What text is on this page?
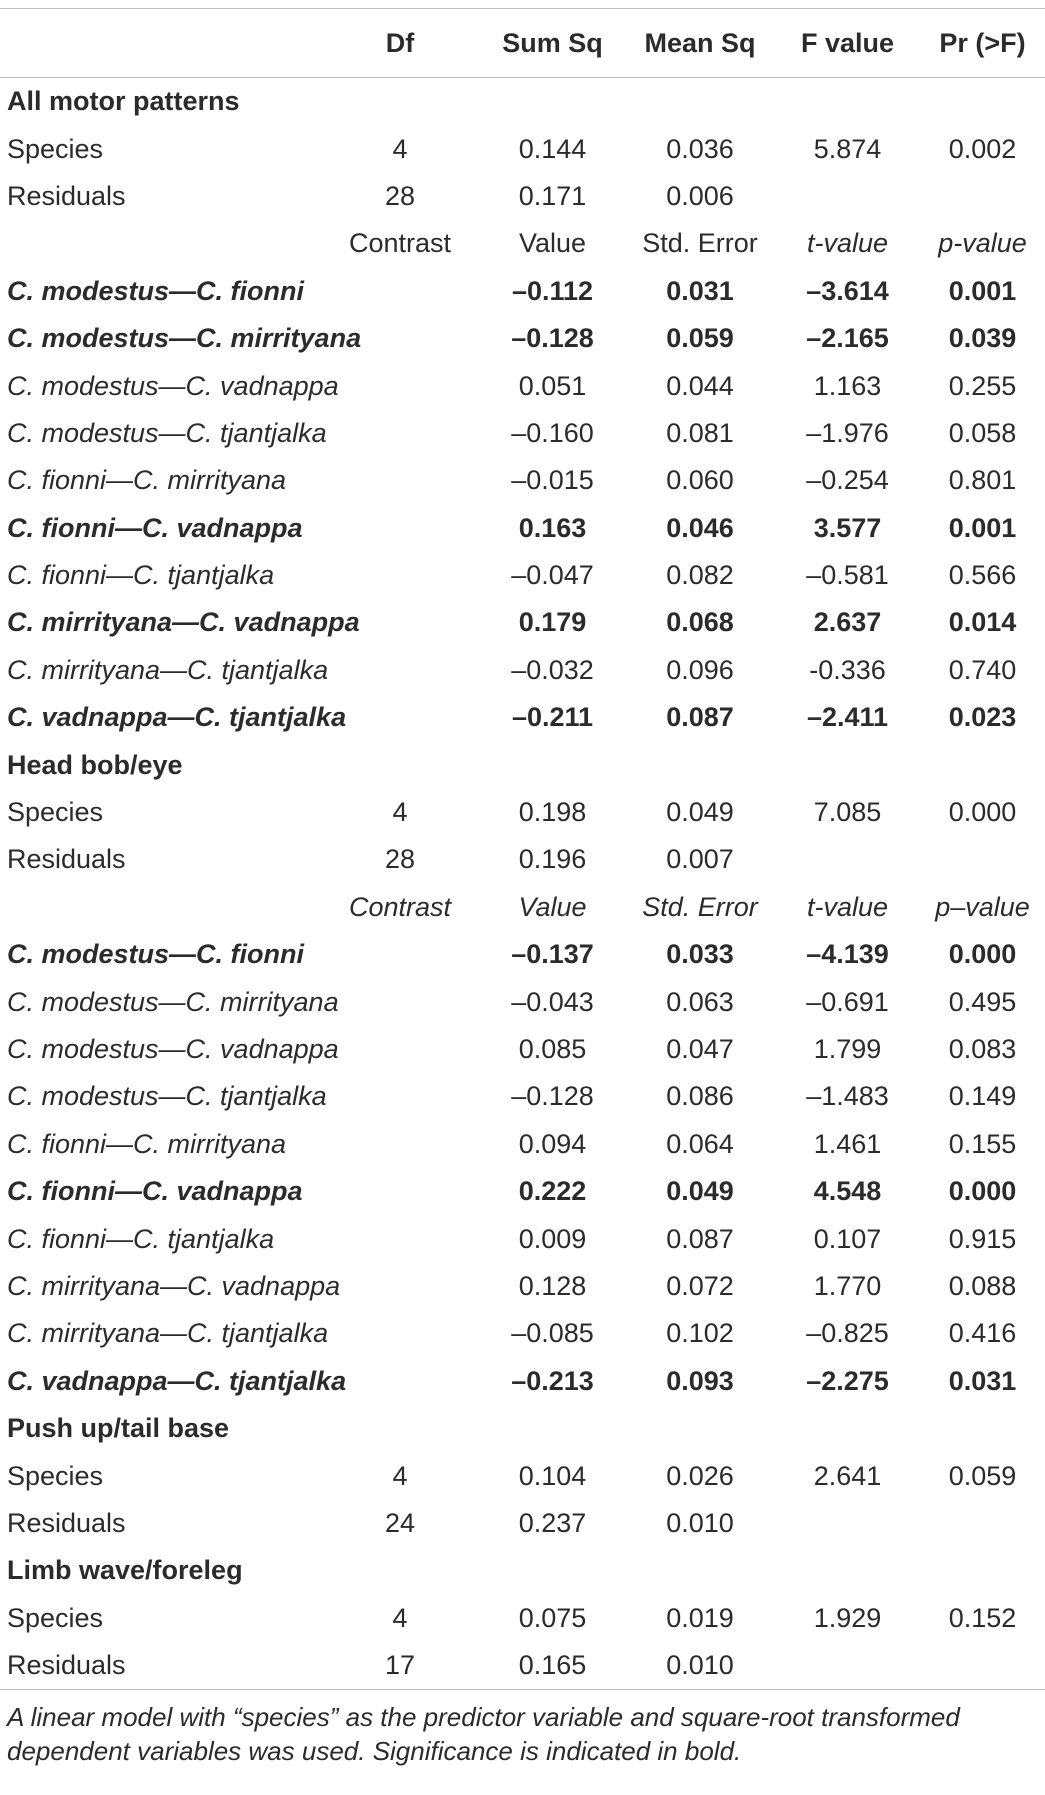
	Df	Sum Sq	Mean Sq	F value	Pr (>F)
All motor patterns					
Species	4	0.144	0.036	5.874	0.002
Residuals	28	0.171	0.006		
	Contrast	Value	Std. Error	t-value	p-value
C. modestus—C. fionni		–0.112	0.031	–3.614	0.001
C. modestus—C. mirrityana		–0.128	0.059	–2.165	0.039
C. modestus—C. vadnappa		0.051	0.044	1.163	0.255
C. modestus—C. tjantjalka		–0.160	0.081	–1.976	0.058
C. fionni—C. mirrityana		–0.015	0.060	–0.254	0.801
C. fionni—C. vadnappa		0.163	0.046	3.577	0.001
C. fionni—C. tjantjalka		–0.047	0.082	–0.581	0.566
C. mirrityana—C. vadnappa		0.179	0.068	2.637	0.014
C. mirrityana—C. tjantjalka		–0.032	0.096	-0.336	0.740
C. vadnappa—C. tjantjalka		–0.211	0.087	–2.411	0.023
Head bob/eye					
Species	4	0.198	0.049	7.085	0.000
Residuals	28	0.196	0.007		
	Contrast	Value	Std. Error	t-value	p–value
C. modestus—C. fionni		–0.137	0.033	–4.139	0.000
C. modestus—C. mirrityana		–0.043	0.063	–0.691	0.495
C. modestus—C. vadnappa		0.085	0.047	1.799	0.083
C. modestus—C. tjantjalka		–0.128	0.086	–1.483	0.149
C. fionni—C. mirrityana		0.094	0.064	1.461	0.155
C. fionni—C. vadnappa		0.222	0.049	4.548	0.000
C. fionni—C. tjantjalka		0.009	0.087	0.107	0.915
C. mirrityana—C. vadnappa		0.128	0.072	1.770	0.088
C. mirrityana—C. tjantjalka		–0.085	0.102	–0.825	0.416
C. vadnappa—C. tjantjalka		–0.213	0.093	–2.275	0.031
Push up/tail base					
Species	4	0.104	0.026	2.641	0.059
Residuals	24	0.237	0.010		
Limb wave/foreleg					
Species	4	0.075	0.019	1.929	0.152
Residuals	17	0.165	0.010		
A linear model with “species” as the predictor variable and square-root transformed dependent variables was used. Significance is indicated in bold.
